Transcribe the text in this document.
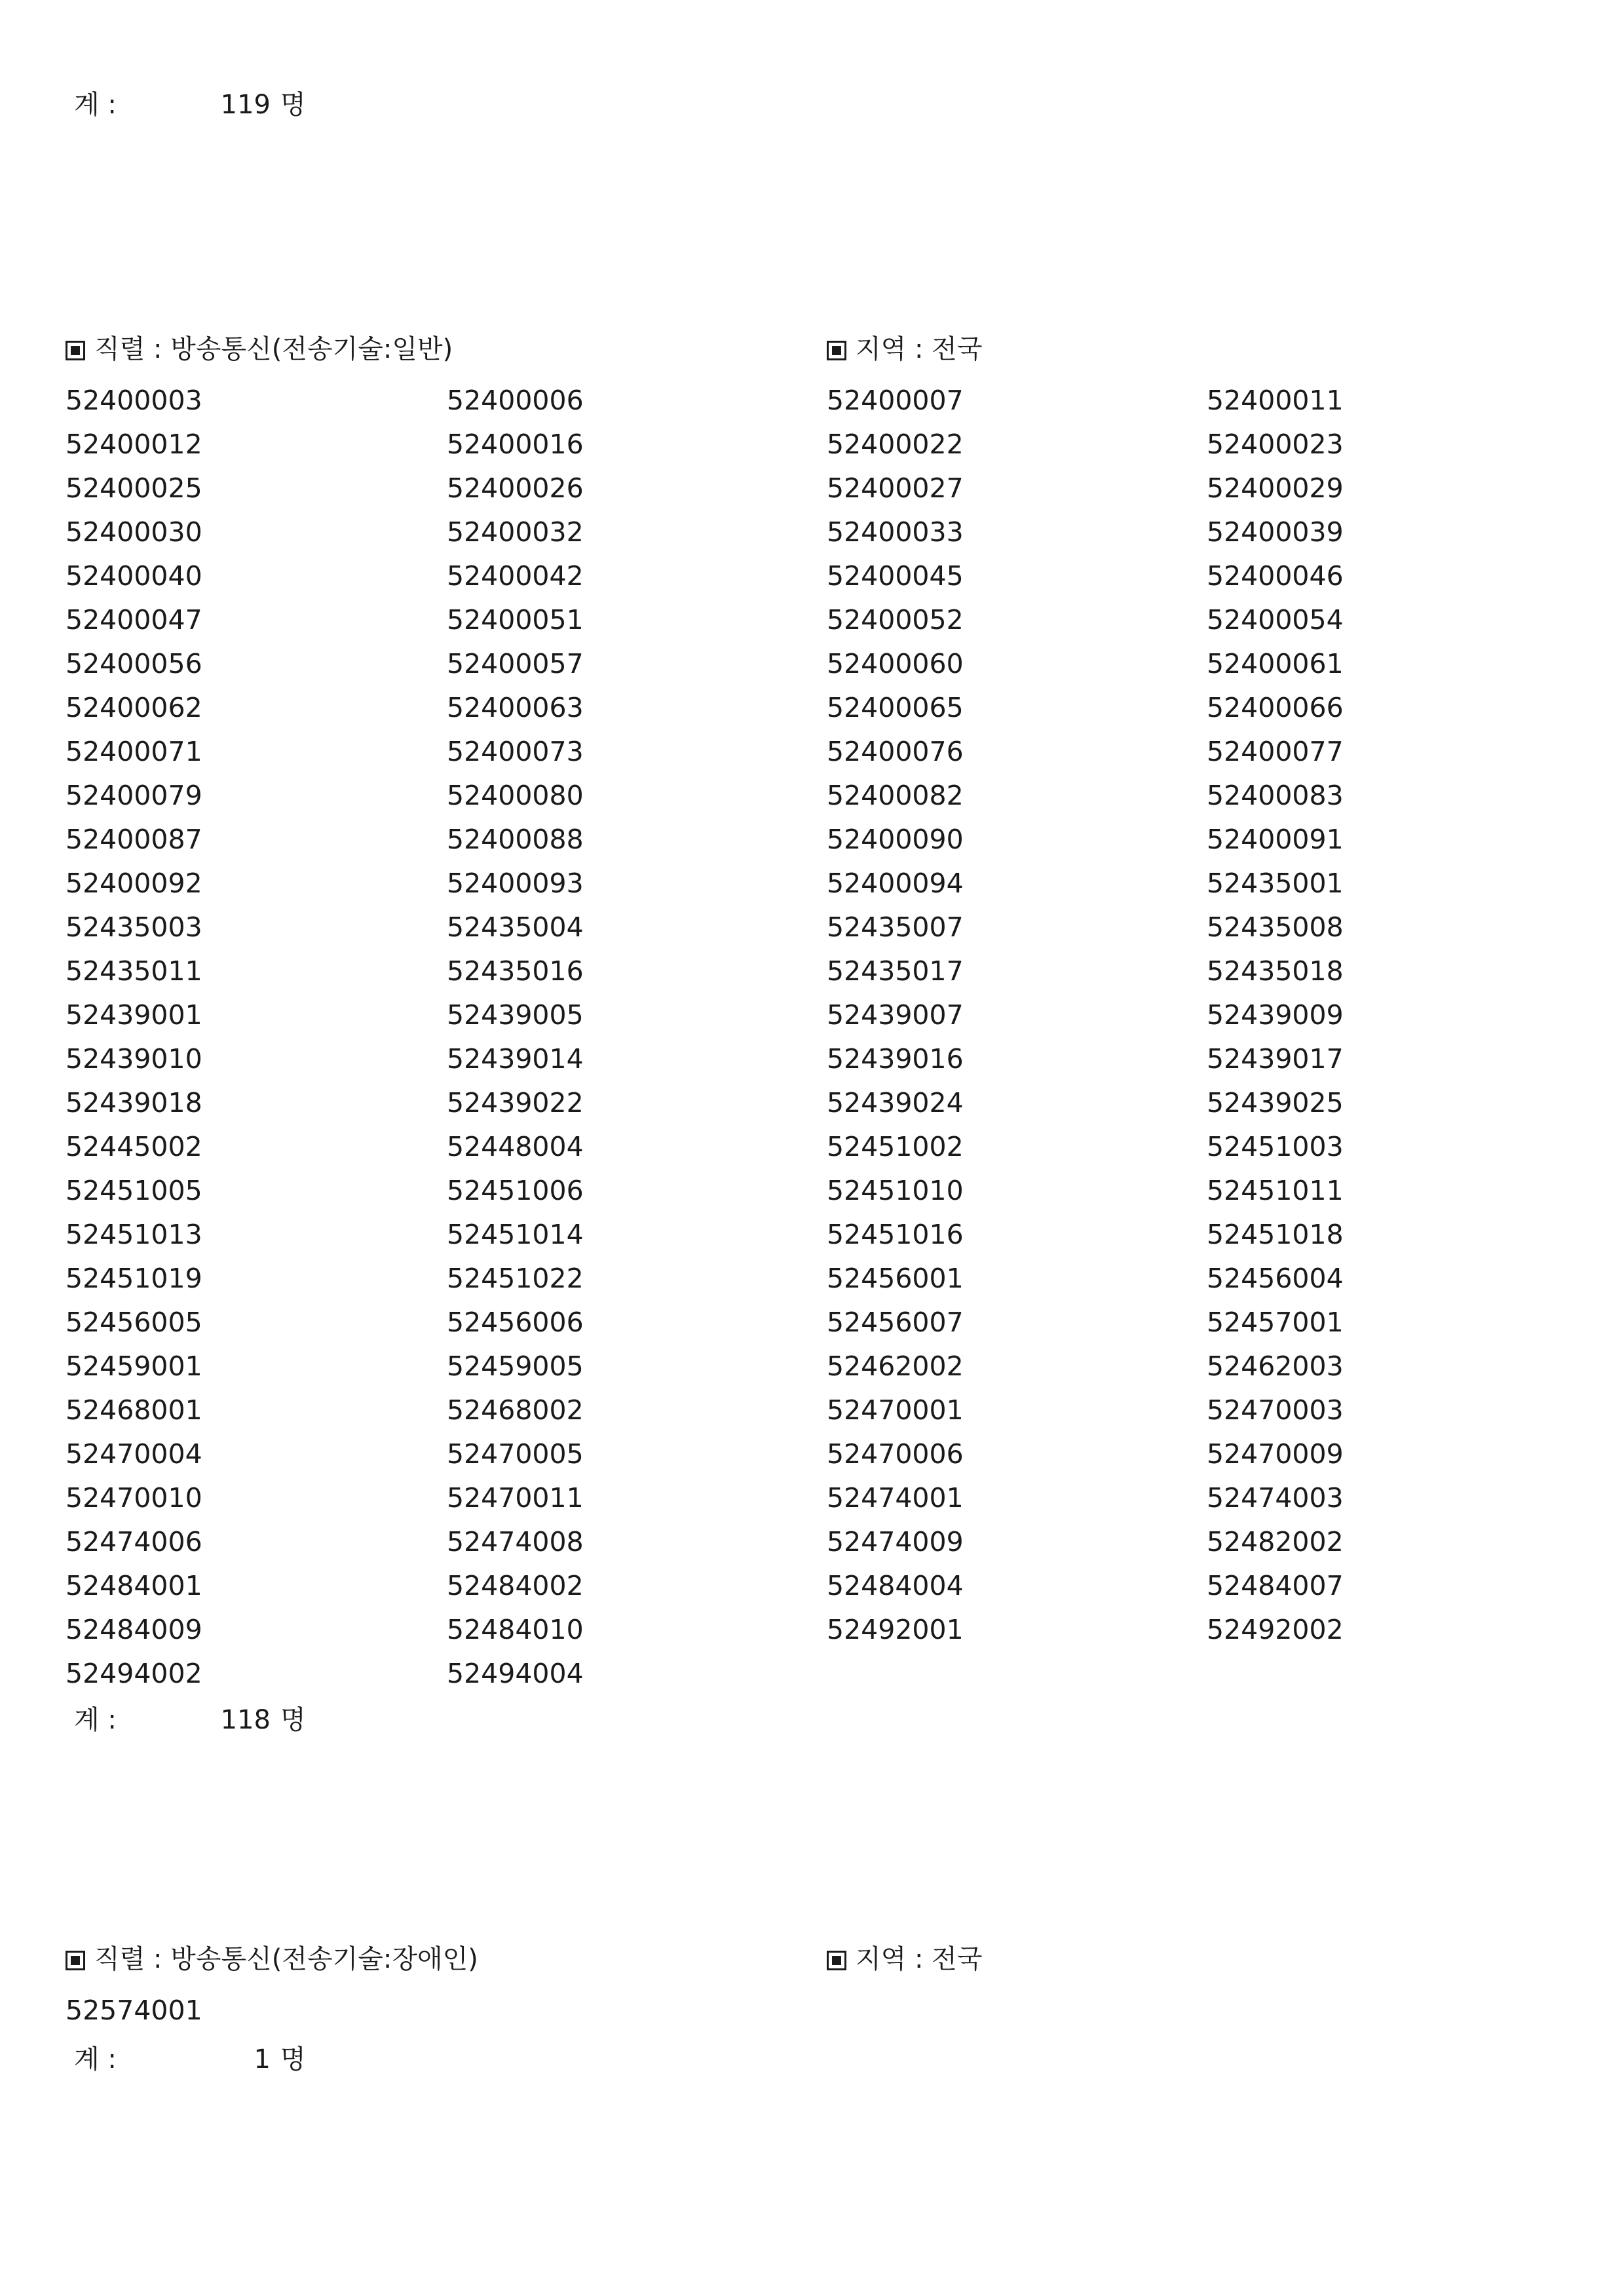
계 :	119 명
직렬 : 방송통신(전송기술:일반)	지역 : 전국
52400003	52400006	52400007	52400011
52400012	52400016	52400022	52400023
52400025	52400026	52400027	52400029
52400030	52400032	52400033	52400039
52400040	52400042	52400045	52400046
52400047	52400051	52400052	52400054
52400056	52400057	52400060	52400061
52400062	52400063	52400065	52400066
52400071	52400073	52400076	52400077
52400079	52400080	52400082	52400083
52400087	52400088	52400090	52400091
52400092	52400093	52400094	52435001
52435003	52435004	52435007	52435008
52435011	52435016	52435017	52435018
52439001	52439005	52439007	52439009
52439010	52439014	52439016	52439017
52439018	52439022	52439024	52439025
52445002	52448004	52451002	52451003
52451005	52451006	52451010	52451011
52451013	52451014	52451016	52451018
52451019	52451022	52456001	52456004
52456005	52456006	52456007	52457001
52459001	52459005	52462002	52462003
52468001	52468002	52470001	52470003
52470004	52470005	52470006	52470009
52470010	52470011	52474001	52474003
52474006	52474008	52474009	52482002
52484001	52484002	52484004	52484007
52484009	52484010	52492001	52492002
52494002	52494004
계 :	118 명
직렬 : 방송통신(전송기술:장애인)	지역 : 전국
52574001
계 :	1 명
